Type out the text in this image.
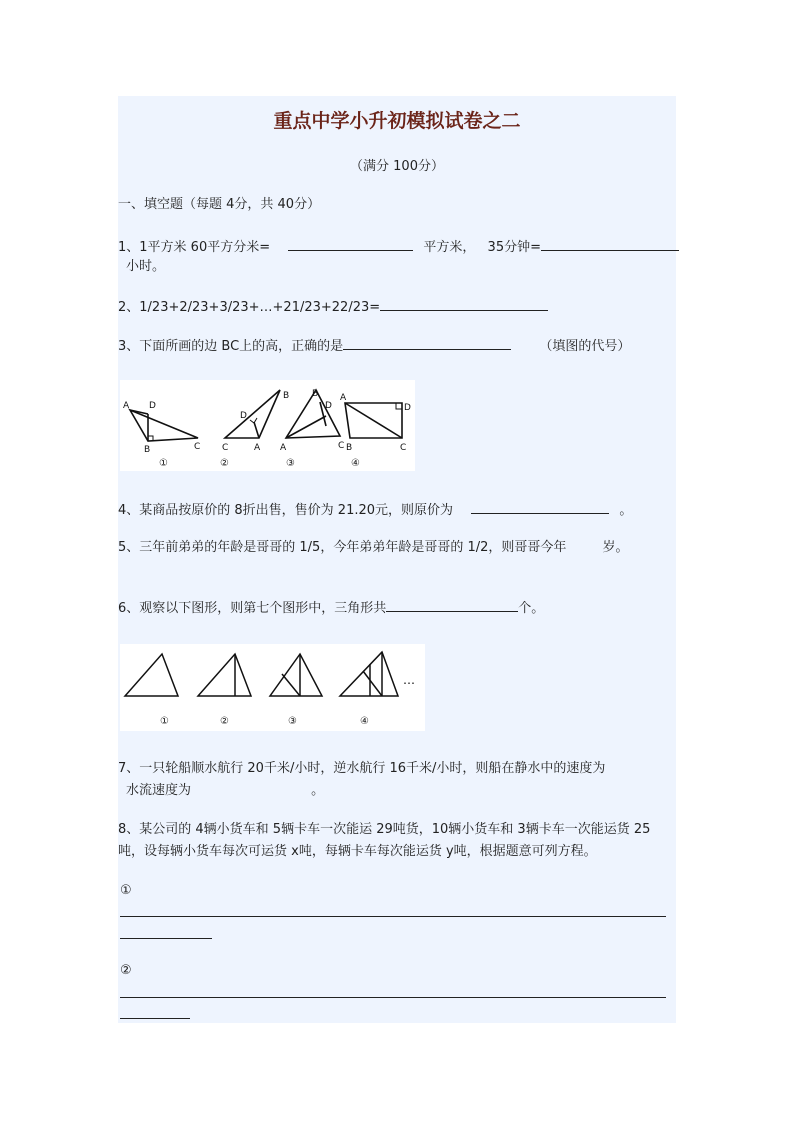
重点中学小升初模拟试卷之二
（满分 100分）
一、填空题（每题 4分，共 40分）
1、1平方米 60平方分米=	平方米， 35分钟=
小时。
2、1/23+2/23+3/23+…+21/23+22/23=
3、下面所画的边 BC上的高，正确的是	（填图的代号）
A D
B	C
D
B
C	A
B
D
A	C
A
D
B	C
①	②	③	④
4、某商品按原价的 8折出售，售价为 21.20元，则原价为	。
5、三年前弟弟的年龄是哥哥的 1/5，今年弟弟年龄是哥哥的 1/2，则哥哥今年	岁。
6、观察以下图形，则第七个图形中，三角形共	个。
…
①	②	③	④
7、一只轮船顺水航行 20千米/小时，逆水航行 16千米/小时，则船在静水中的速度为
水流速度为	。
8、某公司的 4辆小货车和 5辆卡车一次能运 29吨货，10辆小货车和 3辆卡车一次能运货 25
吨，设每辆小货车每次可运货 x吨，每辆卡车每次能运货 y吨，根据题意可列方程。
①
②
